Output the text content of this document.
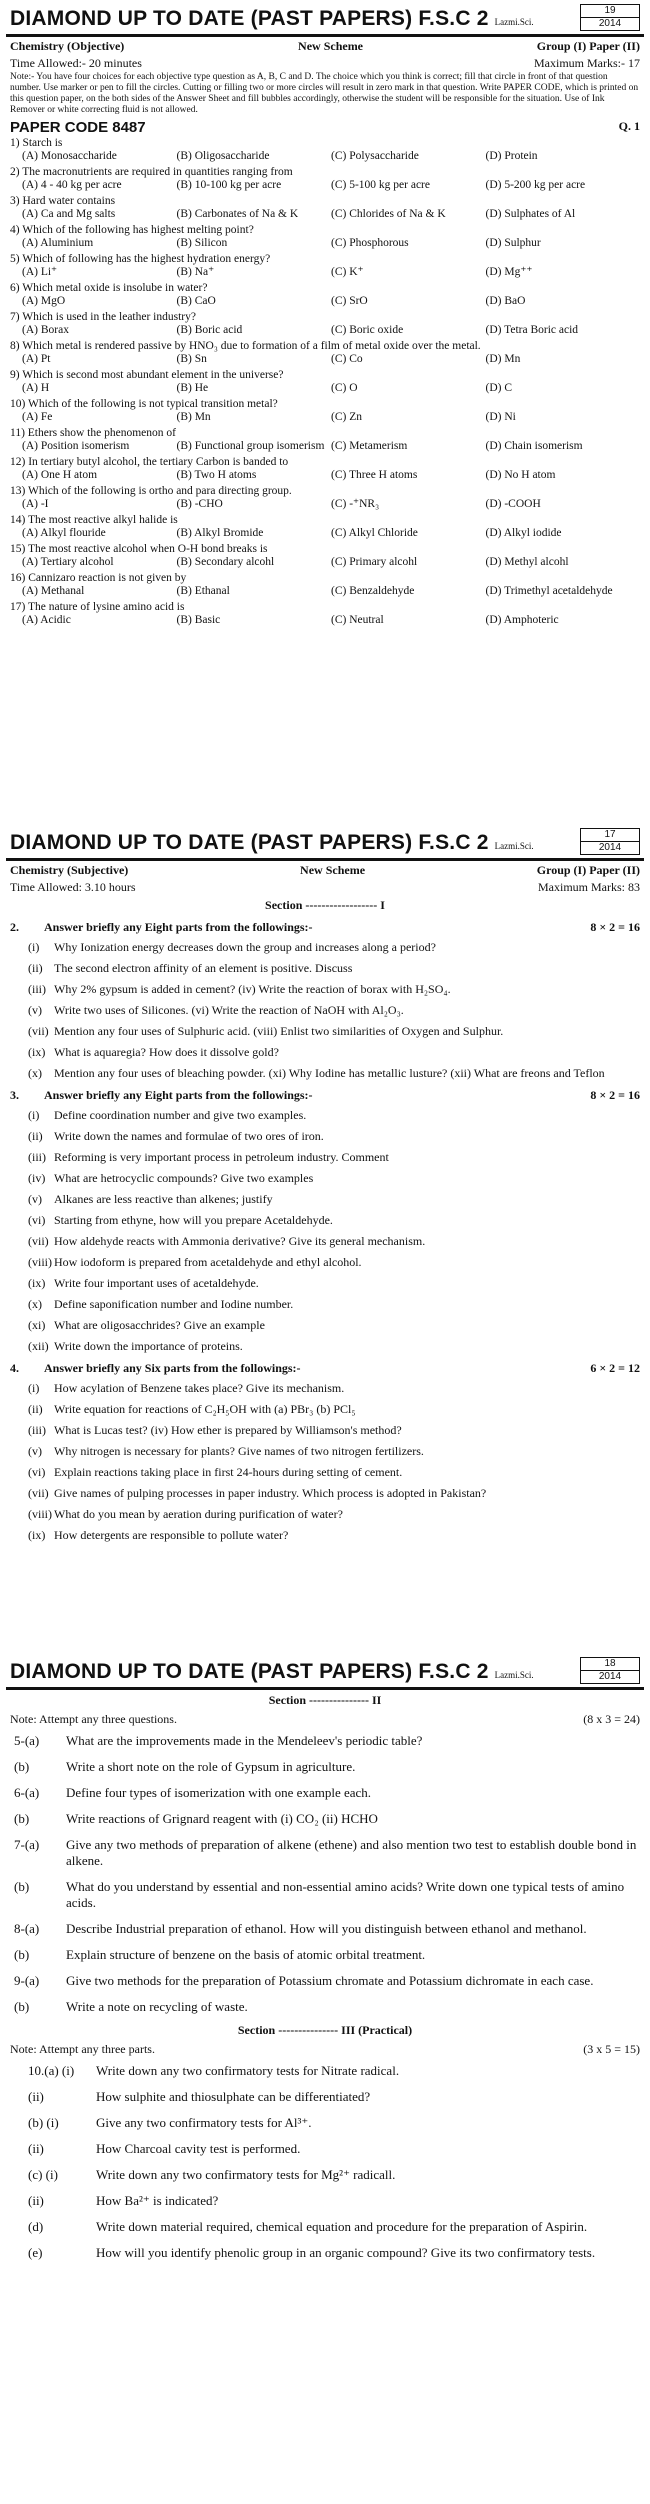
DIAMOND UP TO DATE (PAST PAPERS) F.S.C 2 Lazmi.Sci.
19
2014
Chemistry (Objective)	New Scheme	Group (I) Paper (II)
Time Allowed:- 20 minutes	Maximum Marks:- 17
Note:- You have four choices for each objective type question as A, B, C and D. The choice which you think is correct; fill that circle in front of that question number. Use marker or pen to fill the circles. Cutting or filling two or more circles will result in zero mark in that question. Write PAPER CODE, which is printed on this question paper, on the both sides of the Answer Sheet and fill bubbles accordingly, otherwise the student will be responsible for the situation. Use of Ink Remover or white correcting fluid is not allowed.
PAPER CODE 8487	Q. 1
1) Starch is
(A) Monosaccharide	(B) Oligosaccharide	(C) Polysaccharide	(D) Protein
2) The macronutrients are required in quantities ranging from
(A) 4 - 40 kg per acre	(B) 10-100 kg per acre	(C) 5-100 kg per acre	(D) 5-200 kg per acre
3) Hard water contains
(A) Ca and Mg salts	(B) Carbonates of Na & K	(C) Chlorides of Na & K	(D) Sulphates of Al
4) Which of the following has highest melting point?
(A) Aluminium	(B) Silicon	(C) Phosphorous	(D) Sulphur
5) Which of following has the highest hydration energy?
(A) Li⁺	(B) Na⁺	(C) K⁺	(D) Mg⁺⁺
6) Which metal oxide is insolube in water?
(A) MgO	(B) CaO	(C) SrO	(D) BaO
7) Which is used in the leather industry?
(A) Borax	(B) Boric acid	(C) Boric oxide	(D) Tetra Boric acid
8) Which metal is rendered passive by HNO₃ due to formation of a film of metal oxide over the metal.
(A) Pt	(B) Sn	(C) Co	(D) Mn
9) Which is second most abundant element in the universe?
(A) H	(B) He	(C) O	(D) C
10) Which of the following is not typical transition metal?
(A) Fe	(B) Mn	(C) Zn	(D) Ni
11) Ethers show the phenomenon of
(A) Position isomerism	(B) Functional group isomerism (C) Metamerism	(D) Chain isomerism
12) In tertiary butyl alcohol, the tertiary Carbon is banded to
(A) One H atom	(B) Two H atoms	(C) Three H atoms	(D) No H atom
13) Which of the following is ortho and para directing group.
(A) -I	(B) -CHO	(C) -⁺NR₃	(D) -COOH
14) The most reactive alkyl halide is
(A) Alkyl flouride	(B) Alkyl Bromide	(C) Alkyl Chloride	(D) Alkyl iodide
15) The most reactive alcohol when O-H bond breaks is
(A) Tertiary alcohol	(B) Secondary alcohl	(C) Primary alcohl	(D) Methyl alcohl
16) Cannizaro reaction is not given by
(A) Methanal	(B) Ethanal	(C) Benzaldehyde	(D) Trimethyl acetaldehyde
17) The nature of lysine amino acid is
(A) Acidic	(B) Basic	(C) Neutral	(D) Amphoteric
DIAMOND UP TO DATE (PAST PAPERS) F.S.C 2 Lazmi.Sci.
17
2014
Chemistry (Subjective)	New Scheme	Group (I) Paper (II)
Time Allowed: 3.10 hours	Maximum Marks: 83
Section ------------------ I
2.	Answer briefly any Eight parts from the followings:-	8 × 2 = 16
(i)	Why Ionization energy decreases down the group and increases along a period?
(ii) The second electron affinity of an element is positive. Discuss
(iii) Why 2% gypsum is added in cement? (iv) Write the reaction of borax with H₂SO₄.
(v)	Write two uses of Silicones. (vi) Write the reaction of NaOH with Al₂O₃.
(vii) Mention any four uses of Sulphuric acid. (viii) Enlist two similarities of Oxygen and Sulphur.
(ix) What is aquaregia? How does it dissolve gold?
(x)	Mention any four uses of bleaching powder. (xi) Why Iodine has metallic lusture? (xii) What are freons and Teflon
3.	Answer briefly any Eight parts from the followings:-	8 × 2 = 16
(i)	Define coordination number and give two examples.
(ii) Write down the names and formulae of two ores of iron.
(iii) Reforming is very important process in petroleum industry. Comment
(iv) What are hetrocyclic compounds? Give two examples
(v)	Alkanes are less reactive than alkenes; justify
(vi) Starting from ethyne, how will you prepare Acetaldehyde.
(vii) How aldehyde reacts with Ammonia derivative? Give its general mechanism.
(viii) How iodoform is prepared from acetaldehyde and ethyl alcohol.
(ix) Write four important uses of acetaldehyde.
(x)	Define saponification number and Iodine number.
(xi) What are oligosacchrides? Give an example
(xii) Write down the importance of proteins.
4.	Answer briefly any Six parts from the followings:-	6 × 2 = 12
(i)	How acylation of Benzene takes place? Give its mechanism.
(ii) Write equation for reactions of C₂H₅OH with (a) PBr₃ (b) PCl₅
(iii) What is Lucas test? (iv) How ether is prepared by Williamson's method?
(v)	Why nitrogen is necessary for plants? Give names of two nitrogen fertilizers.
(vi) Explain reactions taking place in first 24-hours during setting of cement.
(vii) Give names of pulping processes in paper industry. Which process is adopted in Pakistan?
(viii) What do you mean by aeration during purification of water?
(ix) How detergents are responsible to pollute water?
DIAMOND UP TO DATE (PAST PAPERS) F.S.C 2 Lazmi.Sci.
18
2014
Section --------------- II
Note: Attempt any three questions.	(8 x 3 = 24)
5-(a)	What are the improvements made in the Mendeleev's periodic table?
(b)	Write a short note on the role of Gypsum in agriculture.
6-(a)	Define four types of isomerization with one example each.
(b)	Write reactions of Grignard reagent with (i) CO₂ (ii) HCHO
7-(a)	Give any two methods of preparation of alkene (ethene) and also mention two test to establish double bond in alkene.
(b)	What do you understand by essential and non-essential amino acids? Write down one typical tests of amino acids.
8-(a)	Describe Industrial preparation of ethanol. How will you distinguish between ethanol and methanol.
(b)	Explain structure of benzene on the basis of atomic orbital treatment.
9-(a)	Give two methods for the preparation of Potassium chromate and Potassium dichromate in each case.
(b)	Write a note on recycling of waste.
Section --------------- III (Practical)
Note: Attempt any three parts.	(3 x 5 = 15)
10.(a) (i)	Write down any two confirmatory tests for Nitrate radical.
(ii)	How sulphite and thiosulphate can be differentiated?
(b) (i)	Give any two confirmatory tests for Al³⁺.
(ii)	How Charcoal cavity test is performed.
(c) (i)	Write down any two confirmatory tests for Mg²⁺ radicall.
(ii)	How Ba²⁺ is indicated?
(d)	Write down material required, chemical equation and procedure for the preparation of Aspirin.
(e)	How will you identify phenolic group in an organic compound? Give its two confirmatory tests.
